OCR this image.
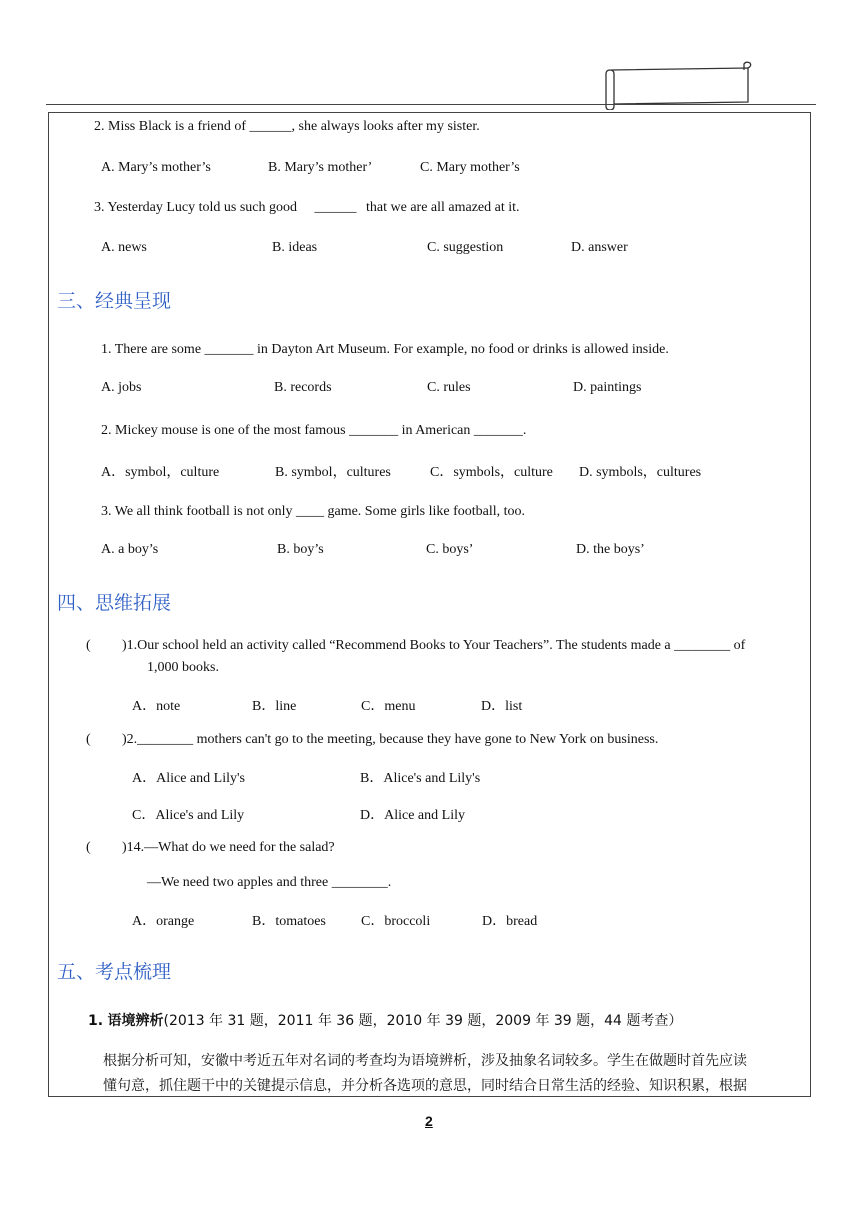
2. Miss Black is a friend of ______, she always looks after my sister.
A. Mary’s mother’s	B. Mary’s mother’	C. Mary mother’s
3. Yesterday Lucy told us such good ______ that we are all amazed at it.
A. news	B. ideas	C. suggestion	D. answer
三、经典呈现
1. There are some _______ in Dayton Art Museum. For example, no food or drinks is allowed inside.
A. jobs	B. records	C. rules	D. paintings
2. Mickey mouse is one of the most famous _______ in American _______.
A．symbol，culture	B. symbol，cultures	C．symbols，culture D. symbols，cultures
3. We all think football is not only ____ game. Some girls like football, too.
A. a boy’s	B. boy’s	C. boys’	D. the boys’
四、思维拓展
( )1.Our school held an activity called “Recommend Books to Your Teachers”. The students made a ________ of
1,000 books.
A．note	B．line	C．menu	D．list
( )2.________ mothers can't go to the meeting, because they have gone to New York on business.
A．Alice and Lily's	B．Alice's and Lily's
C．Alice's and Lily	D．Alice and Lily
( )14.—What do we need for the salad?
—We need two apples and three ________.
A．orange	B．tomatoes	C．broccoli	D．bread
五、考点梳理
1. 语境辨析(2013 年 31 题，2011 年 36 题，2010 年 39 题，2009 年 39 题，44 题考查）
根据分析可知，安徽中考近五年对名词的考查均为语境辨析，涉及抽象名词较多。学生在做题时首先应读
懂句意，抓住题干中的关键提示信息，并分析各选项的意思，同时结合日常生活的经验、知识积累，根据
2
